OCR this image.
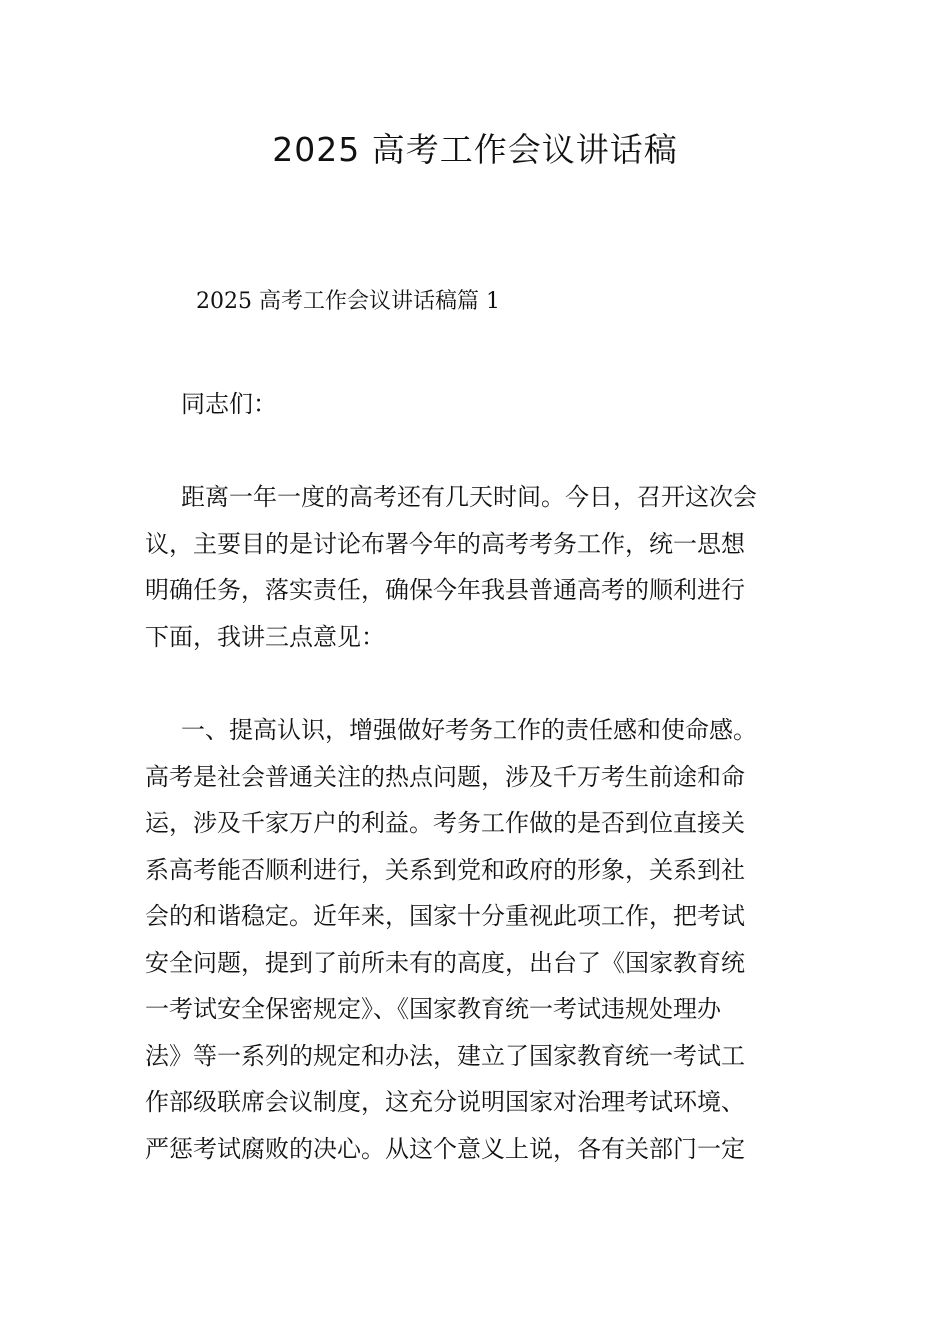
2025 高考工作会议讲话稿
2025 高考工作会议讲话稿篇 1
同志们：
距离一年一度的高考还有几天时间。今日，召开这次会
议，主要目的是讨论布署今年的高考考务工作，统一思想
明确任务，落实责任，确保今年我县普通高考的顺利进行
下面，我讲三点意见：
一、提高认识，增强做好考务工作的责任感和使命感。
高考是社会普通关注的热点问题，涉及千万考生前途和命
运，涉及千家万户的利益。考务工作做的是否到位直接关
系高考能否顺利进行，关系到党和政府的形象，关系到社
会的和谐稳定。近年来，国家十分重视此项工作，把考试
安全问题，提到了前所未有的高度，出台了《国家教育统
一考试安全保密规定》、《国家教育统一考试违规处理办
法》等一系列的规定和办法，建立了国家教育统一考试工
作部级联席会议制度，这充分说明国家对治理考试环境、
严惩考试腐败的决心。从这个意义上说，各有关部门一定
